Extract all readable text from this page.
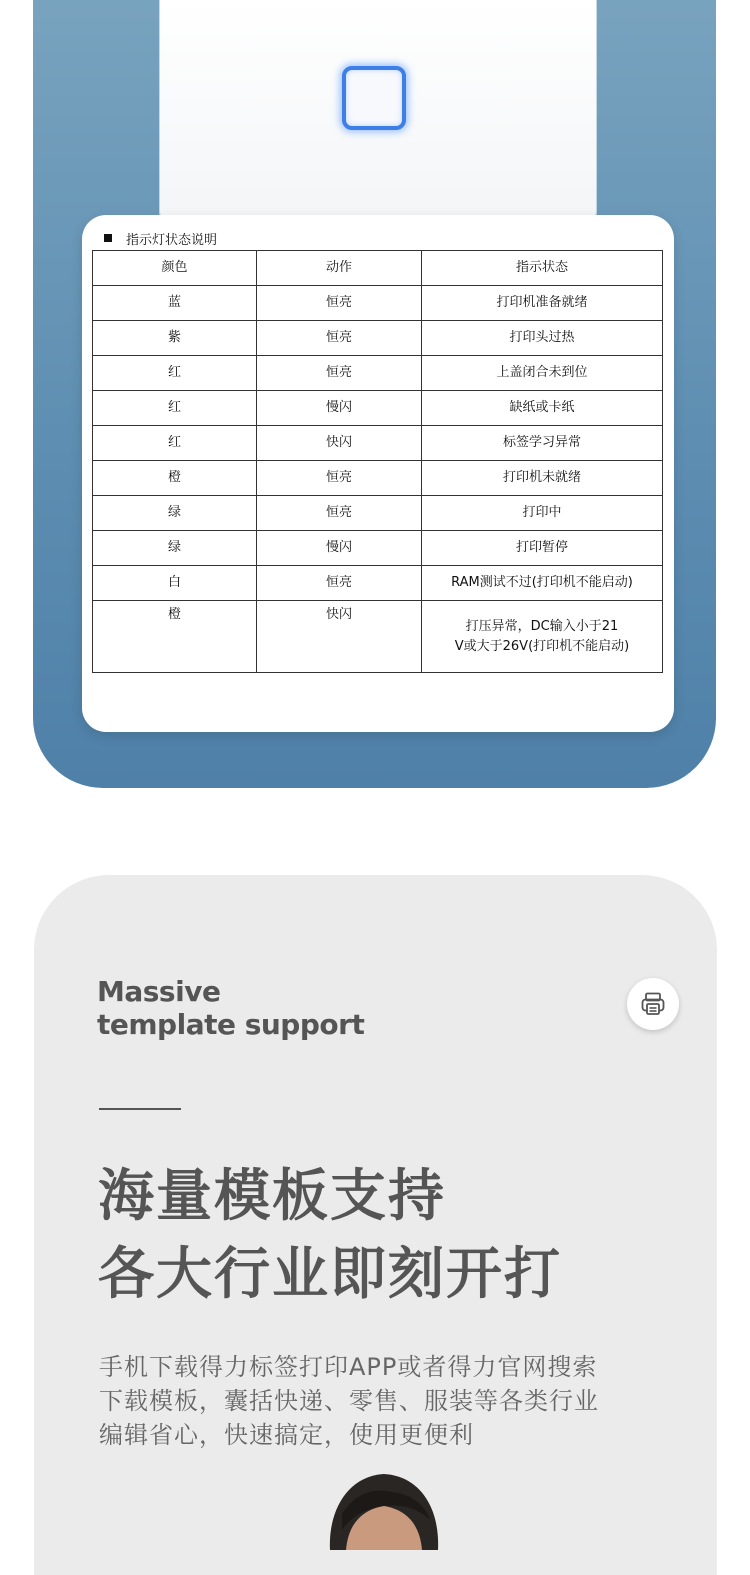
指示灯状态说明
颜色	动作	指示状态
蓝	恒亮	打印机准备就绪
紫	恒亮	打印头过热
红	恒亮	上盖闭合未到位
红	慢闪	缺纸或卡纸
红	快闪	标签学习异常
橙	恒亮	打印机未就绪
绿	恒亮	打印中
绿	慢闪	打印暂停
白	恒亮	RAM测试不过(打印机不能启动)
橙	快闪	打压异常，DC输入小于21
V或大于26V(打印机不能启动)
Massive
template support
海量模板支持
各大行业即刻开打
手机下载得力标签打印APP或者得力官网搜索
下载模板，囊括快递、零售、服装等各类行业
编辑省心，快速搞定，使用更便利
